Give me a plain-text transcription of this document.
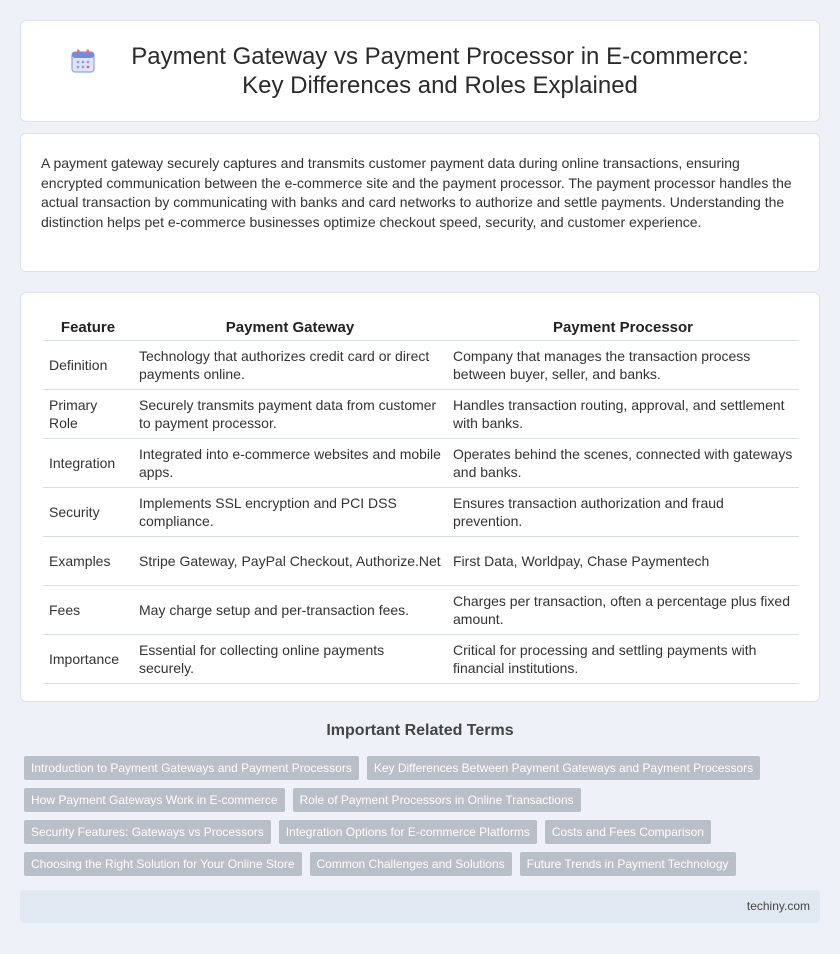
Payment Gateway vs Payment Processor in E-commerce: Key Differences and Roles Explained

A payment gateway securely captures and transmits customer payment data during online transactions, ensuring encrypted communication between the e-commerce site and the payment processor. The payment processor handles the actual transaction by communicating with banks and card networks to authorize and settle payments. Understanding the distinction helps pet e-commerce businesses optimize checkout speed, security, and customer experience.

Feature	Payment Gateway	Payment Processor
Definition	Technology that authorizes credit card or direct payments online.	Company that manages the transaction process between buyer, seller, and banks.
Primary Role	Securely transmits payment data from customer to payment processor.	Handles transaction routing, approval, and settlement with banks.
Integration	Integrated into e-commerce websites and mobile apps.	Operates behind the scenes, connected with gateways and banks.
Security	Implements SSL encryption and PCI DSS compliance.	Ensures transaction authorization and fraud prevention.
Examples	Stripe Gateway, PayPal Checkout, Authorize.Net	First Data, Worldpay, Chase Paymentech
Fees	May charge setup and per-transaction fees.	Charges per transaction, often a percentage plus fixed amount.
Importance	Essential for collecting online payments securely.	Critical for processing and settling payments with financial institutions.
Important Related Terms
Introduction to Payment Gateways and Payment Processors	Key Differences Between Payment Gateways and Payment Processors
How Payment Gateways Work in E-commerce	Role of Payment Processors in Online Transactions
Security Features: Gateways vs Processors	Integration Options for E-commerce Platforms	Costs and Fees Comparison
Choosing the Right Solution for Your Online Store	Common Challenges and Solutions	Future Trends in Payment Technology
techiny.com
